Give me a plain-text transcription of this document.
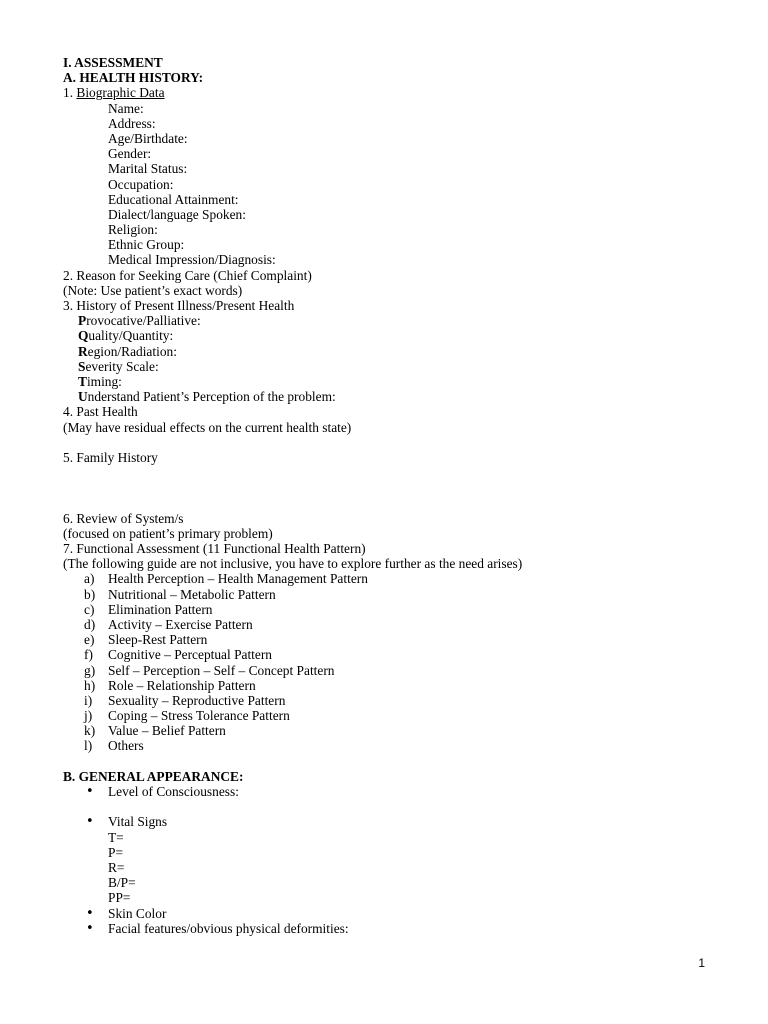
I. ASSESSMENT
A. HEALTH HISTORY:
1. Biographic Data
Name:
Address:
Age/Birthdate:
Gender:
Marital Status:
Occupation:
Educational Attainment:
Dialect/language Spoken:
Religion:
Ethnic Group:
Medical Impression/Diagnosis:
2. Reason for Seeking Care (Chief Complaint)
(Note: Use patient’s exact words)
3. History of Present Illness/Present Health
Provocative/Palliative:
Quality/Quantity:
Region/Radiation:
Severity Scale:
Timing:
Understand Patient’s Perception of the problem:
4. Past Health
(May have residual effects on the current health state)
5. Family History
6. Review of System/s
(focused on patient’s primary problem)
7. Functional Assessment (11 Functional Health Pattern)
(The following guide are not inclusive, you have to explore further as the need arises)
a) Health Perception – Health Management Pattern
b) Nutritional – Metabolic Pattern
c) Elimination Pattern
d) Activity – Exercise Pattern
e) Sleep-Rest Pattern
f) Cognitive – Perceptual Pattern
g) Self – Perception – Self – Concept Pattern
h) Role – Relationship Pattern
i) Sexuality – Reproductive Pattern
j) Coping – Stress Tolerance Pattern
k) Value – Belief Pattern
l) Others
B. GENERAL APPEARANCE:
• Level of Consciousness:
• Vital Signs
T=
P=
R=
B/P=
PP=
• Skin Color
• Facial features/obvious physical deformities:
1
